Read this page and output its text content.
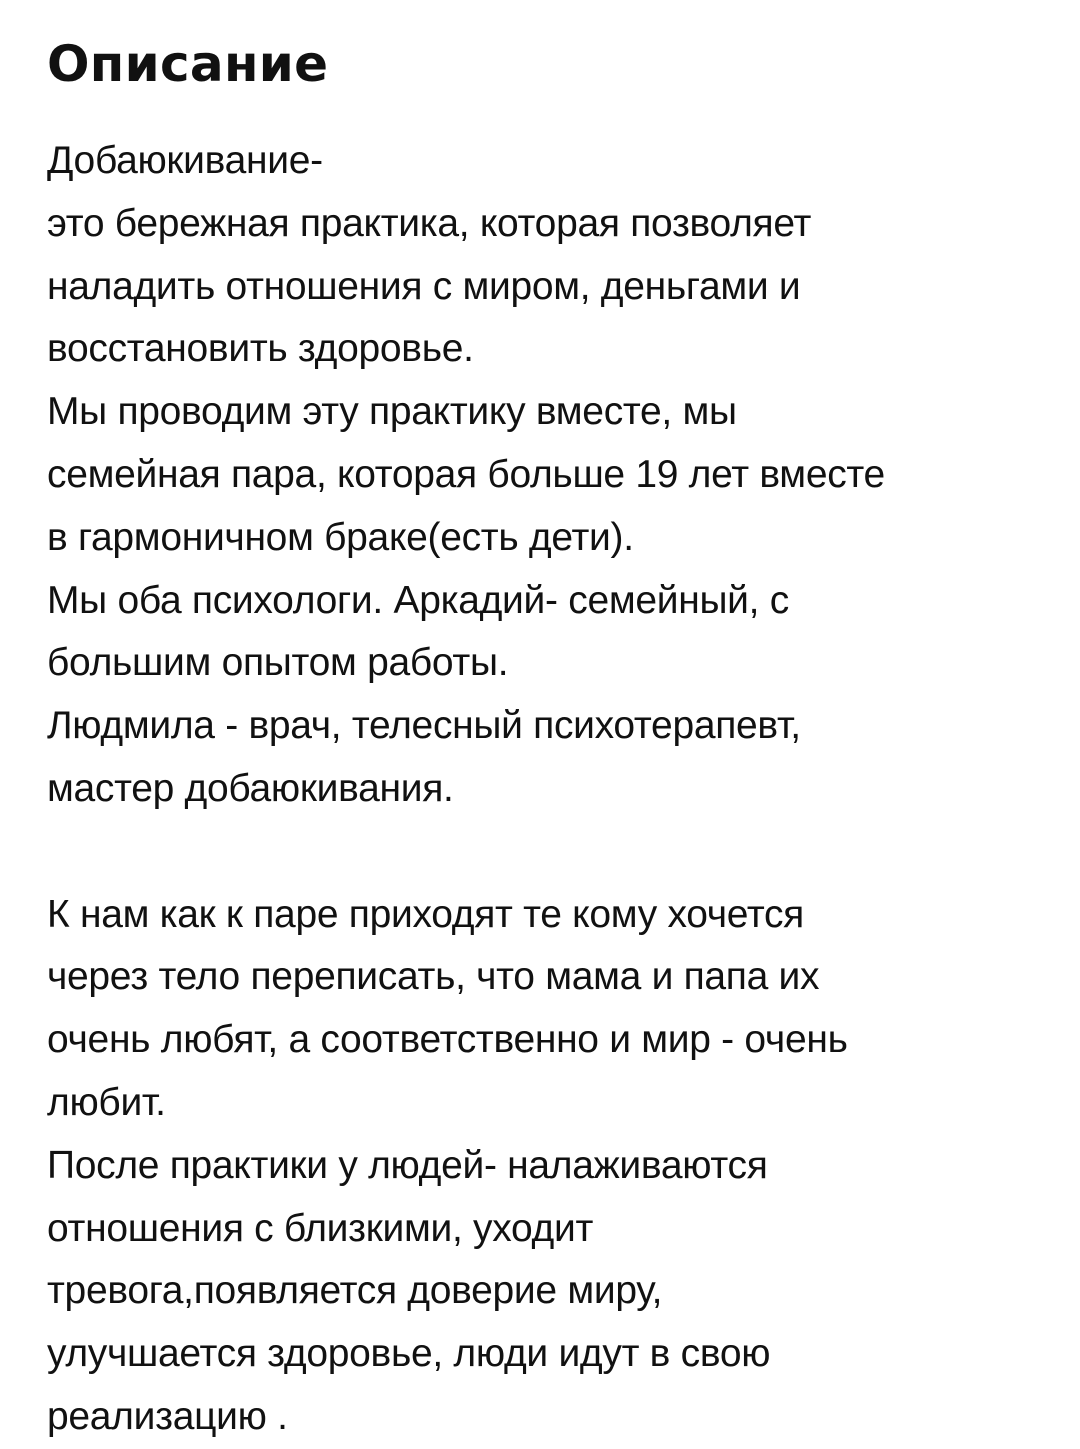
Описание
Добаюкивание-
это бережная практика, которая позволяет
наладить отношения с миром, деньгами и
восстановить здоровье.
Мы проводим эту практику вместе, мы
семейная пара, которая больше 19 лет вместе
в гармоничном браке(есть дети).
Мы оба психологи. Аркадий- семейный, с
большим опытом работы.
Людмила - врач, телесный психотерапевт,
мастер добаюкивания.
К нам как к паре приходят те кому хочется
через тело переписать, что мама и папа их
очень любят, а соответственно и мир - очень
любит.
После практики у людей- налаживаются
отношения с близкими, уходит
тревога,появляется доверие миру,
улучшается здоровье, люди идут в свою
реализацию .
